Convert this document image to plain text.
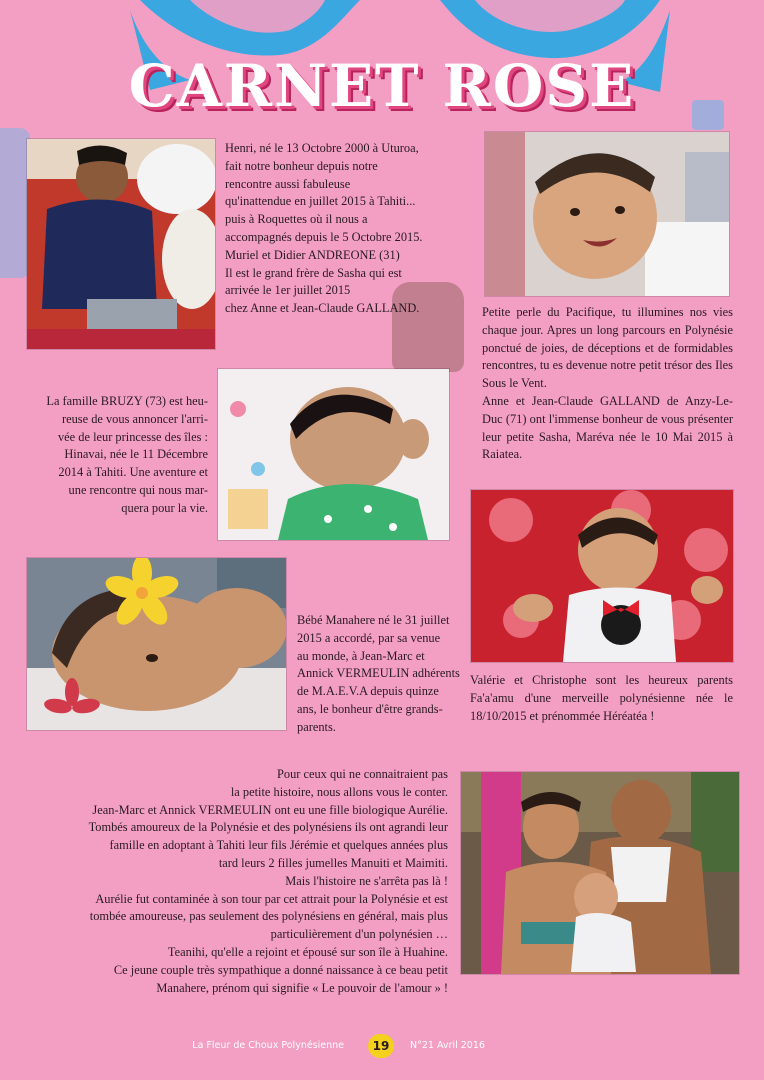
CARNET ROSE

Henri, né le 13 Octobre 2000 à Uturoa,

fait notre bonheur depuis notre

rencontre aussi fabuleuse

qu'inattendue en juillet 2015 à Tahiti...

puis à Roquettes où il nous a

accompagnés depuis le 5 Octobre 2015.

Muriel et Didier ANDREONE (31)

Il est le grand frère de Sasha qui est

arrivée le 1er juillet 2015

chez Anne et Jean-Claude GALLAND.	Petite perle du Pacifique, tu illumines nos vies chaque jour. Apres un long parcours en Polynésie ponctué de joies, de déceptions et de formidables rencontres, tu es devenue notre petit trésor des Iles Sous le Vent.

Anne et Jean-Claude GALLAND de Anzy-Le-Duc (71) ont l'immense bonheur de vous présenter leur petite Sasha, Maréva née le 10 Mai 2015 à Raiatea.

La famille BRUZY (73) est heu-

reuse de vous annoncer l'arri-

vée de leur princesse des îles :

Hinavai, née le 11 Décembre

2014 à Tahiti. Une aventure et

une rencontre qui nous mar-

quera pour la vie.

Bébé Manahere né le 31 juillet

2015 a accordé, par sa venue

au monde, à Jean-Marc et

Annick VERMEULIN adhérents

de M.A.E.V.A depuis quinze

ans, le bonheur d'être grands-

parents.

Valérie et Christophe sont les heureux parents Fa'a'amu d'une merveille polynésienne née le 18/10/2015 et prénommée Héréatéa !

Pour ceux qui ne connaitraient pas

la petite histoire, nous allons vous le conter.

Jean-Marc et Annick VERMEULIN ont eu une fille biologique Aurélie.

Tombés amoureux de la Polynésie et des polynésiens ils ont agrandi leur

famille en adoptant à Tahiti leur fils Jérémie et quelques années plus

tard leurs 2 filles jumelles Manuiti et Maimiti.

Mais l'histoire ne s'arrêta pas là !

Aurélie fut contaminée à son tour par cet attrait pour la Polynésie et est

tombée amoureuse, pas seulement des polynésiens en général, mais plus

particulièrement d'un polynésien …

Teanihi, qu'elle a rejoint et épousé sur son île à Huahine.

Ce jeune couple très sympathique a donné naissance à ce beau petit

Manahere, prénom qui signifie « Le pouvoir de l'amour » !

La Fleur de Choux Polynésienne	19	N°21 Avril 2016
